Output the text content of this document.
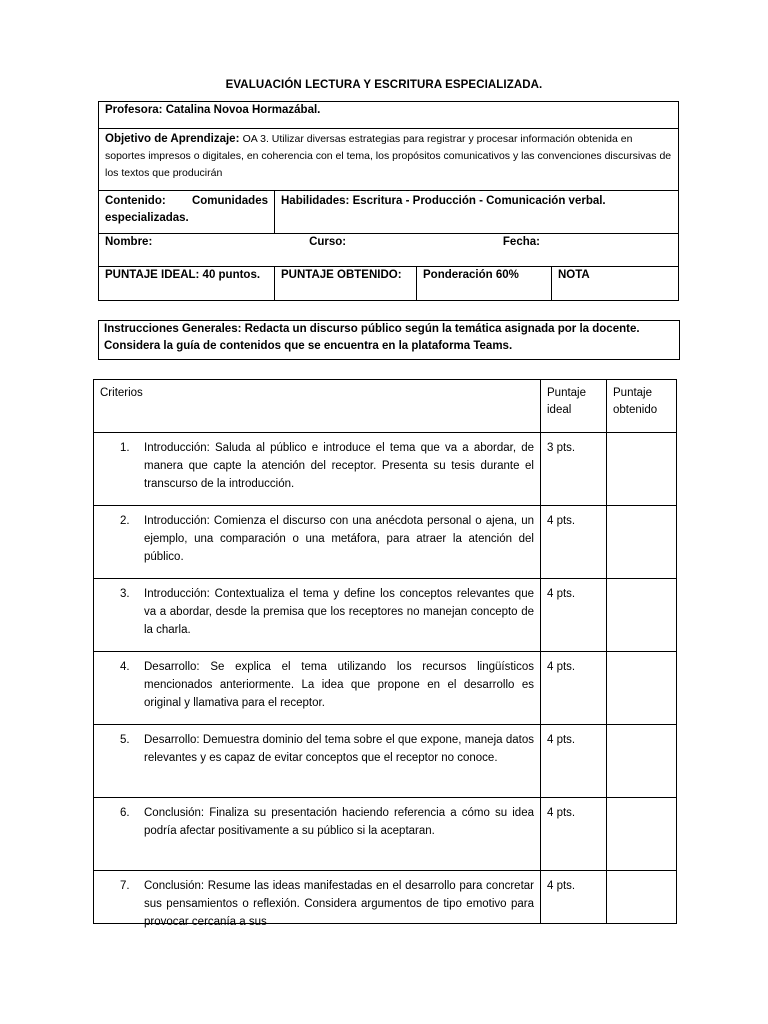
EVALUACIÓN LECTURA Y ESCRITURA ESPECIALIZADA.
Profesora: Catalina Novoa Hormazábal.			
Objetivo de Aprendizaje: OA 3. Utilizar diversas estrategias para registrar y procesar información obtenida en soportes impresos o digitales, en coherencia con el tema, los propósitos comunicativos y las convenciones discursivas de los textos que producirán			

Contenido: Comunidades
especializadas.	Habilidades: Escritura - Producción - Comunicación verbal.		

Nombre: Curso: Fecha:			

PUNTAJE IDEAL: 40 puntos.	PUNTAJE OBTENIDO:	Ponderación 60%	NOTA
Instrucciones Generales: Redacta un discurso público según la temática asignada por la docente. Considera la guía de contenidos que se encuentra en la plataforma Teams.
Criterios	Puntaje ideal	Puntaje obtenido

1. Introducción: Saluda al público e introduce el tema que va a abordar, de manera que capte la atención del receptor. Presenta su tesis durante el transcurso de la introducción.	3 pts.	

2. Introducción: Comienza el discurso con una anécdota personal o ajena, un ejemplo, una comparación o una metáfora, para atraer la atención del público.	4 pts.	

3. Introducción: Contextualiza el tema y define los conceptos relevantes que va a abordar, desde la premisa que los receptores no manejan concepto de la charla.	4 pts.	

4. Desarrollo: Se explica el tema utilizando los recursos lingüísticos mencionados anteriormente. La idea que propone en el desarrollo es original y llamativa para el receptor.	4 pts.	

5. Desarrollo: Demuestra dominio del tema sobre el que expone, maneja datos relevantes y es capaz de evitar conceptos que el receptor no conoce.	4 pts.	

6. Conclusión: Finaliza su presentación haciendo referencia a cómo su idea podría afectar positivamente a su público si la aceptaran.	4 pts.	

7. Conclusión: Resume las ideas manifestadas en el desarrollo para concretar sus pensamientos o reflexión. Considera argumentos de tipo emotivo para provocar cercanía a sus	4 pts.	
